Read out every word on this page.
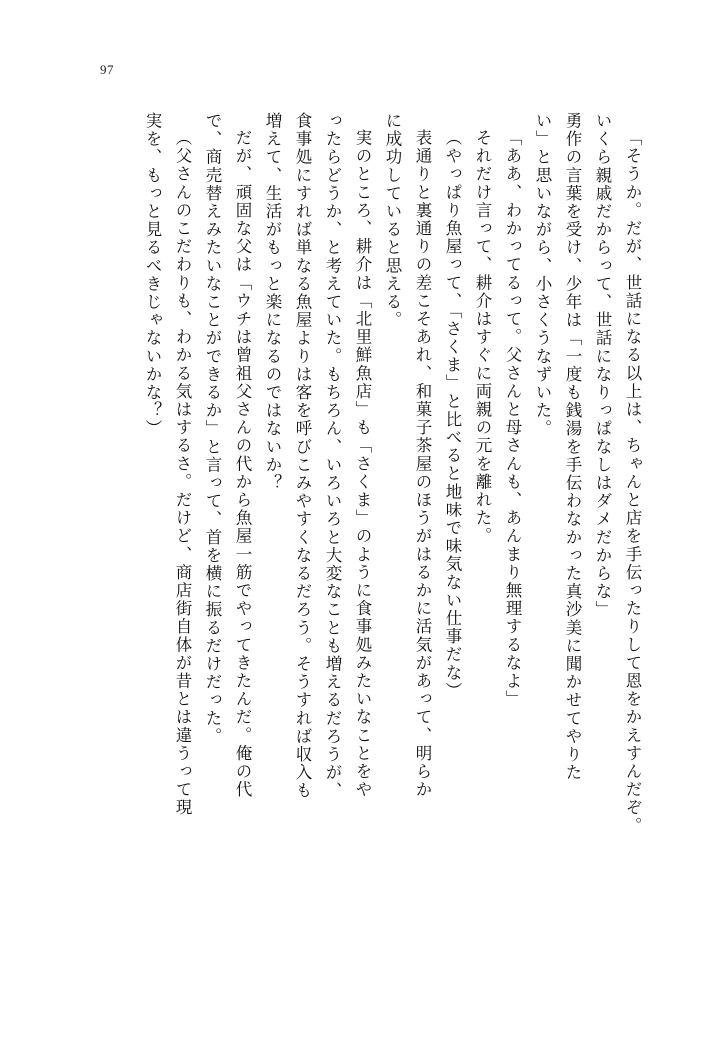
97
「そうか。だが、世話になる以上は、ちゃんと店を手伝ったりして恩をかえすんだぞ。
いくら親戚だからって、世話になりっぱなしはダメだからな」
勇作の言葉を受け、少年は「一度も銭湯を手伝わなかった真沙美に聞かせてやりた
い」と思いながら、小さくうなずいた。
「ああ、わかってるって。父さんと母さんも、あんまり無理するなよ」
それだけ言って、耕介はすぐに両親の元を離れた。
（やっぱり魚屋って、「さくま」と比べると地味で味気ない仕事だな）
表通りと裏通りの差こそあれ、和菓子茶屋のほうがはるかに活気があって、明らか
に成功していると思える。
実のところ、耕介は「北里鮮魚店」も「さくま」のように食事処みたいなことをや
ったらどうか、と考えていた。もちろん、いろいろと大変なことも増えるだろうが、
食事処にすれば単なる魚屋よりは客を呼びこみやすくなるだろう。そうすれば収入も
増えて、生活がもっと楽になるのではないか？
だが、頑固な父は「ウチは曾祖父さんの代から魚屋一筋でやってきたんだ。俺の代
で、商売替えみたいなことができるか」と言って、首を横に振るだけだった。
（父さんのこだわりも、わかる気はするさ。だけど、商店街自体が昔とは違うって現
実を、もっと見るべきじゃないかな？）
